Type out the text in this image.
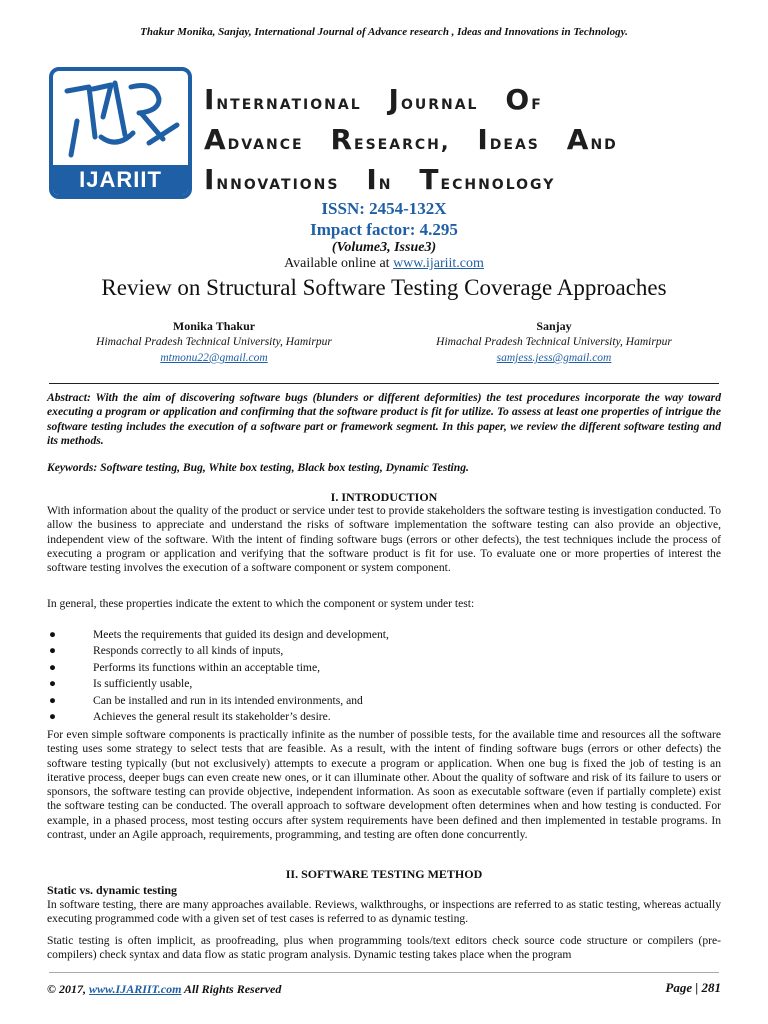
Thakur Monika, Sanjay, International Journal of Advance research , Ideas and Innovations in Technology.
IJARIIT
International Journal Of
Advance Research, Ideas And
Innovations In Technology
ISSN: 2454-132X
Impact factor: 4.295
(Volume3, Issue3)
Available online at www.ijariit.com
Review on Structural Software Testing Coverage Approaches
Monika Thakur
Himachal Pradesh Technical University, Hamirpur
mtmonu22@gmail.com
Sanjay
Himachal Pradesh Technical University, Hamirpur
samjess.jess@gmail.com
Abstract: With the aim of discovering software bugs (blunders or different deformities) the test procedures incorporate the way toward executing a program or application and confirming that the software product is fit for utilize. To assess at least one properties of intrigue the software testing includes the execution of a software part or framework segment. In this paper, we review the different software testing and its methods.
Keywords: Software testing, Bug, White box testing, Black box testing, Dynamic Testing.
I. INTRODUCTION
With information about the quality of the product or service under test to provide stakeholders the software testing is investigation conducted. To allow the business to appreciate and understand the risks of software implementation the software testing can also provide an objective, independent view of the software. With the intent of finding software bugs (errors or other defects), the test techniques include the process of executing a program or application and verifying that the software product is fit for use. To evaluate one or more properties of interest the software testing involves the execution of a software component or system component.
In general, these properties indicate the extent to which the component or system under test:
●	Meets the requirements that guided its design and development,
●	Responds correctly to all kinds of inputs,
●	Performs its functions within an acceptable time,
●	Is sufficiently usable,
●	Can be installed and run in its intended environments, and
●	Achieves the general result its stakeholder’s desire.
For even simple software components is practically infinite as the number of possible tests, for the available time and resources all the software testing uses some strategy to select tests that are feasible. As a result, with the intent of finding software bugs (errors or other defects) the software testing typically (but not exclusively) attempts to execute a program or application. When one bug is fixed the job of testing is an iterative process, deeper bugs can even create new ones, or it can illuminate other. About the quality of software and risk of its failure to users or sponsors, the software testing can provide objective, independent information. As soon as executable software (even if partially complete) exist the software testing can be conducted. The overall approach to software development often determines when and how testing is conducted. For example, in a phased process, most testing occurs after system requirements have been defined and then implemented in testable programs. In contrast, under an Agile approach, requirements, programming, and testing are often done concurrently.
II. SOFTWARE TESTING METHOD
Static vs. dynamic testing
In software testing, there are many approaches available. Reviews, walkthroughs, or inspections are referred to as static testing, whereas actually executing programmed code with a given set of test cases is referred to as dynamic testing.
Static testing is often implicit, as proofreading, plus when programming tools/text editors check source code structure or compilers (pre-compilers) check syntax and data flow as static program analysis. Dynamic testing takes place when the program
© 2017, www.IJARIIT.com All Rights Reserved	Page | 281
